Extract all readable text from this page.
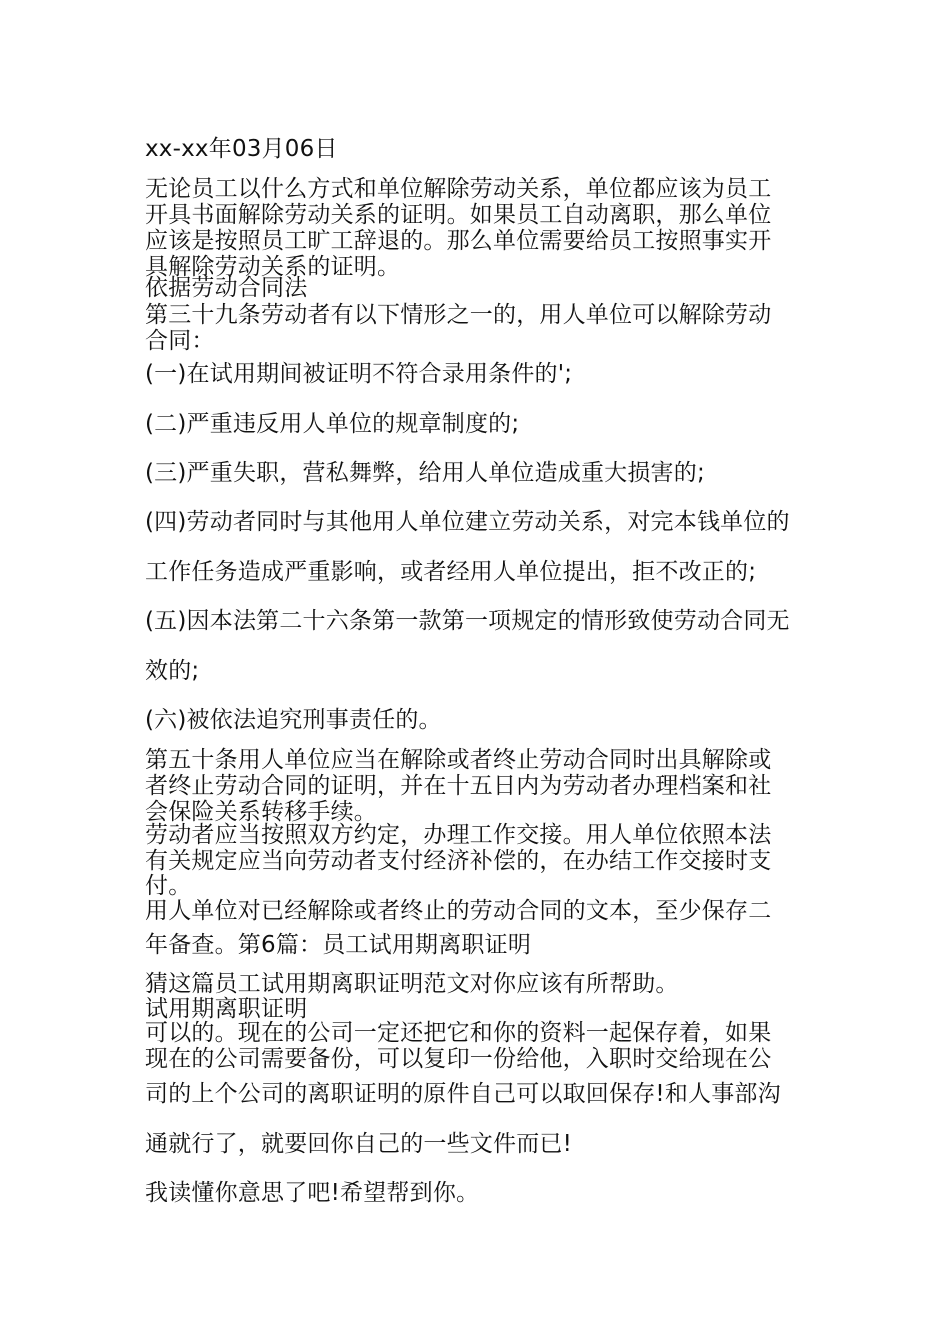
xx-xx年03月06日
无论员工以什么方式和单位解除劳动关系，单位都应该为员工
开具书面解除劳动关系的证明。如果员工自动离职，那么单位
应该是按照员工旷工辞退的。那么单位需要给员工按照事实开
具解除劳动关系的证明。
依据劳动合同法
第三十九条劳动者有以下情形之一的，用人单位可以解除劳动
合同：
(一)在试用期间被证明不符合录用条件的';
(二)严重违反用人单位的规章制度的;
(三)严重失职，营私舞弊，给用人单位造成重大损害的;
(四)劳动者同时与其他用人单位建立劳动关系，对完本钱单位的
工作任务造成严重影响，或者经用人单位提出，拒不改正的;
(五)因本法第二十六条第一款第一项规定的情形致使劳动合同无
效的;
(六)被依法追究刑事责任的。
第五十条用人单位应当在解除或者终止劳动合同时出具解除或
者终止劳动合同的证明，并在十五日内为劳动者办理档案和社
会保险关系转移手续。
劳动者应当按照双方约定，办理工作交接。用人单位依照本法
有关规定应当向劳动者支付经济补偿的，在办结工作交接时支
付。
用人单位对已经解除或者终止的劳动合同的文本，至少保存二
年备查。第6篇：员工试用期离职证明
猜这篇员工试用期离职证明范文对你应该有所帮助。
试用期离职证明
可以的。现在的公司一定还把它和你的资料一起保存着，如果
现在的公司需要备份，可以复印一份给他，入职时交给现在公
司的上个公司的离职证明的原件自己可以取回保存!和人事部沟
通就行了，就要回你自己的一些文件而已!
我读懂你意思了吧!希望帮到你。
